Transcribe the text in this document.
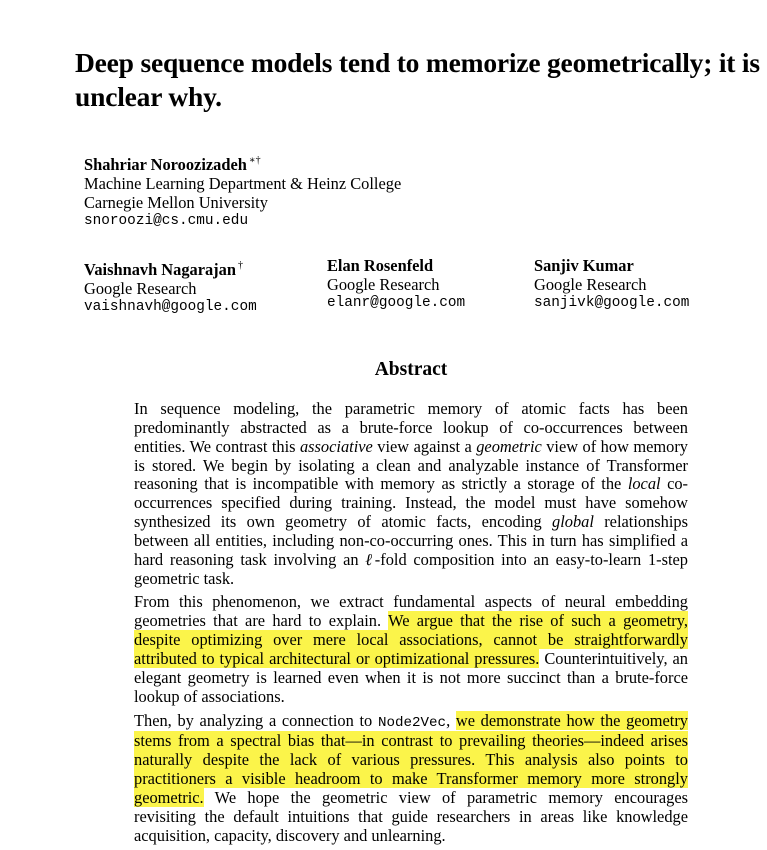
Deep sequence models tend to memorize geometrically; it is unclear why.
Shahriar Noroozizadeh ∗†
Machine Learning Department & Heinz College
Carnegie Mellon University
snoroozi@cs.cmu.edu
Vaishnavh Nagarajan †
Google Research
vaishnavh@google.com
Elan Rosenfeld
Google Research
elanr@google.com
Sanjiv Kumar
Google Research
sanjivk@google.com
Abstract

In sequence modeling, the parametric memory of atomic facts has been predominantly abstracted as a brute-force lookup of co-occurrences between entities. We contrast this associative view against a geometric view of how memory is stored. We begin by isolating a clean and analyzable instance of Transformer reasoning that is incompatible with memory as strictly a storage of the local co-occurrences specified during training. Instead, the model must have somehow synthesized its own geometry of atomic facts, encoding global relationships between all entities, including non-co-occurring ones. This in turn has simplified a hard reasoning task involving an ℓ-fold composition into an easy-to-learn 1-step geometric task.

From this phenomenon, we extract fundamental aspects of neural embedding geometries that are hard to explain. We argue that the rise of such a geometry, despite optimizing over mere local associations, cannot be straightforwardly attributed to typical architectural or optimizational pressures. Counterintuitively, an elegant geometry is learned even when it is not more succinct than a brute-force lookup of associations.

Then, by analyzing a connection to Node2Vec, we demonstrate how the geometry stems from a spectral bias that—in contrast to prevailing theories—indeed arises naturally despite the lack of various pressures. This analysis also points to practitioners a visible headroom to make Transformer memory more strongly geometric. We hope the geometric view of parametric memory encourages revisiting the default intuitions that guide researchers in areas like knowledge acquisition, capacity, discovery and unlearning.
